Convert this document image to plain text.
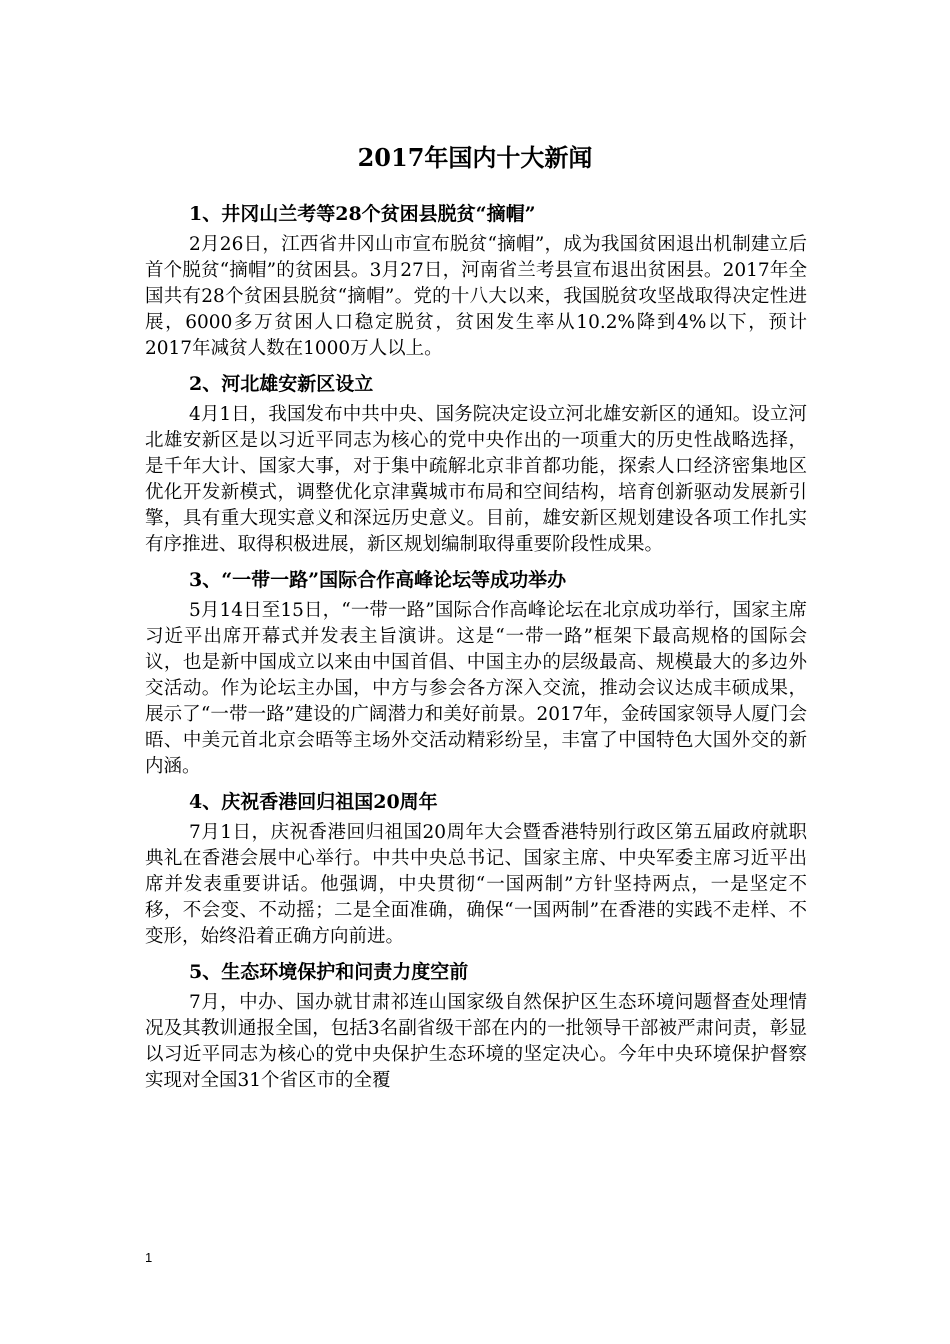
2017年国内十大新闻
1、井冈山兰考等28个贫困县脱贫“摘帽”

2月26日，江西省井冈山市宣布脱贫“摘帽”，成为我国贫困退出机制建立后首个脱贫“摘帽”的贫困县。3月27日，河南省兰考县宣布退出贫困县。2017年全国共有28个贫困县脱贫“摘帽”。党的十八大以来，我国脱贫攻坚战取得决定性进展，6000多万贫困人口稳定脱贫，贫困发生率从10.2%降到4%以下，预计2017年减贫人数在1000万人以上。

2、河北雄安新区设立

4月1日，我国发布中共中央、国务院决定设立河北雄安新区的通知。设立河北雄安新区是以习近平同志为核心的党中央作出的一项重大的历史性战略选择，是千年大计、国家大事，对于集中疏解北京非首都功能，探索人口经济密集地区优化开发新模式，调整优化京津冀城市布局和空间结构，培育创新驱动发展新引擎，具有重大现实意义和深远历史意义。目前，雄安新区规划建设各项工作扎实有序推进、取得积极进展，新区规划编制取得重要阶段性成果。

3、“一带一路”国际合作高峰论坛等成功举办

5月14日至15日，“一带一路”国际合作高峰论坛在北京成功举行，国家主席习近平出席开幕式并发表主旨演讲。这是“一带一路”框架下最高规格的国际会议，也是新中国成立以来由中国首倡、中国主办的层级最高、规模最大的多边外交活动。作为论坛主办国，中方与参会各方深入交流，推动会议达成丰硕成果，展示了“一带一路”建设的广阔潜力和美好前景。2017年，金砖国家领导人厦门会晤、中美元首北京会晤等主场外交活动精彩纷呈，丰富了中国特色大国外交的新内涵。

4、庆祝香港回归祖国20周年

7月1日，庆祝香港回归祖国20周年大会暨香港特别行政区第五届政府就职典礼在香港会展中心举行。中共中央总书记、国家主席、中央军委主席习近平出席并发表重要讲话。他强调，中央贯彻“一国两制”方针坚持两点，一是坚定不移，不会变、不动摇；二是全面准确，确保“一国两制”在香港的实践不走样、不变形，始终沿着正确方向前进。

5、生态环境保护和问责力度空前

7月，中办、国办就甘肃祁连山国家级自然保护区生态环境问题督查处理情况及其教训通报全国，包括3名副省级干部在内的一批领导干部被严肃问责，彰显以习近平同志为核心的党中央保护生态环境的坚定决心。今年中央环境保护督察实现对全国31个省区市的全覆

1
